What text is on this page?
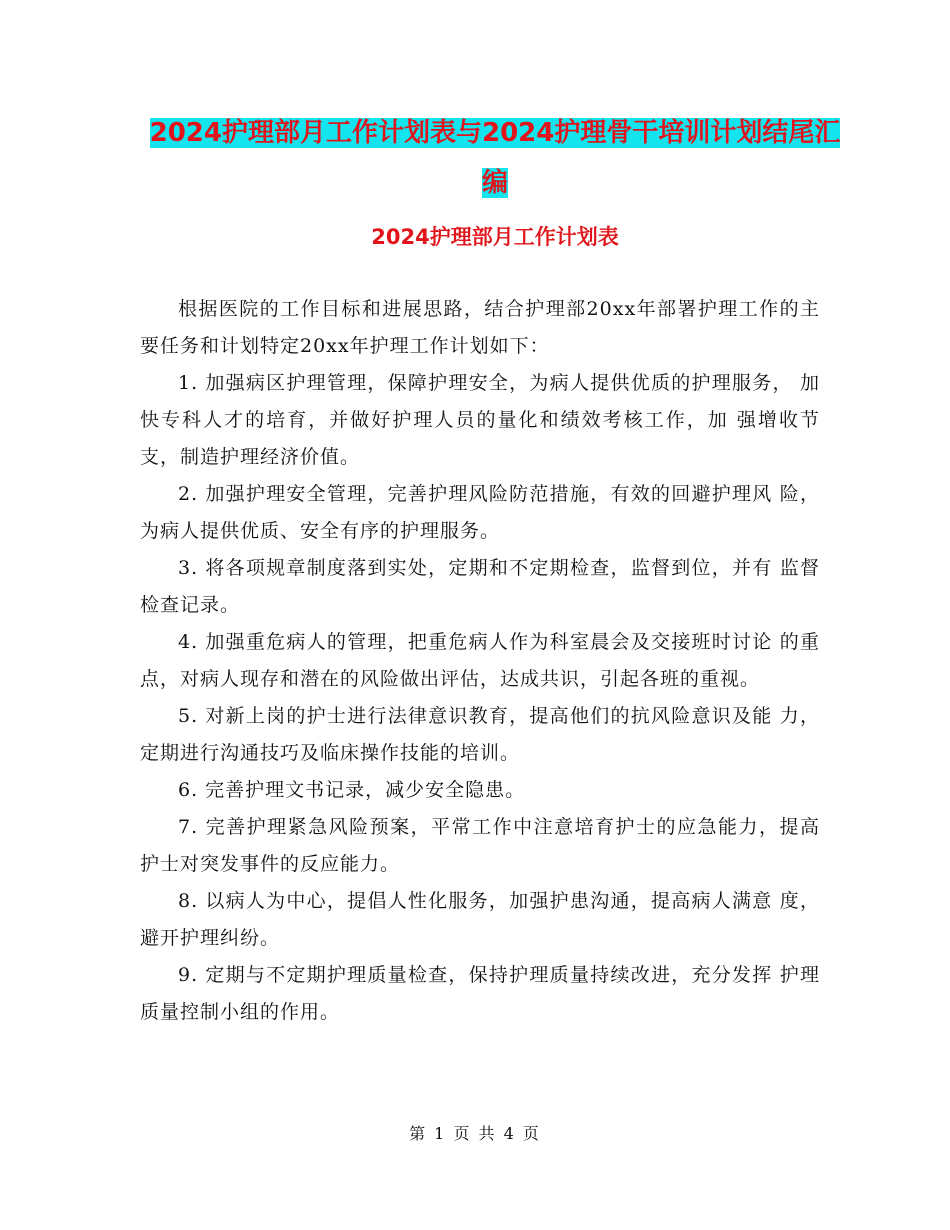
2024护理部月工作计划表与2024护理骨干培训计划结尾汇编
2024护理部月工作计划表

根据医院的工作目标和进展思路，结合护理部20xx年部署护理工作的主要任务和计划特定20xx年护理工作计划如下：

1. 加强病区护理管理，保障护理安全，为病人提供优质的护理服务， 加快专科人才的培育，并做好护理人员的量化和绩效考核工作，加 强增收节支，制造护理经济价值。

2. 加强护理安全管理，完善护理风险防范措施，有效的回避护理风 险，为病人提供优质、安全有序的护理服务。

3. 将各项规章制度落到实处，定期和不定期检查，监督到位，并有 监督检查记录。

4. 加强重危病人的管理，把重危病人作为科室晨会及交接班时讨论 的重点，对病人现存和潜在的风险做出评估，达成共识，引起各班的重视。

5. 对新上岗的护士进行法律意识教育，提高他们的抗风险意识及能 力，定期进行沟通技巧及临床操作技能的培训。

6. 完善护理文书记录，减少安全隐患。

7. 完善护理紧急风险预案，平常工作中注意培育护士的应急能力，提高护士对突发事件的反应能力。

8. 以病人为中心，提倡人性化服务，加强护患沟通，提高病人满意 度，避开护理纠纷。

9. 定期与不定期护理质量检查，保持护理质量持续改进，充分发挥 护理质量控制小组的作用。

第 1 页 共 4 页
